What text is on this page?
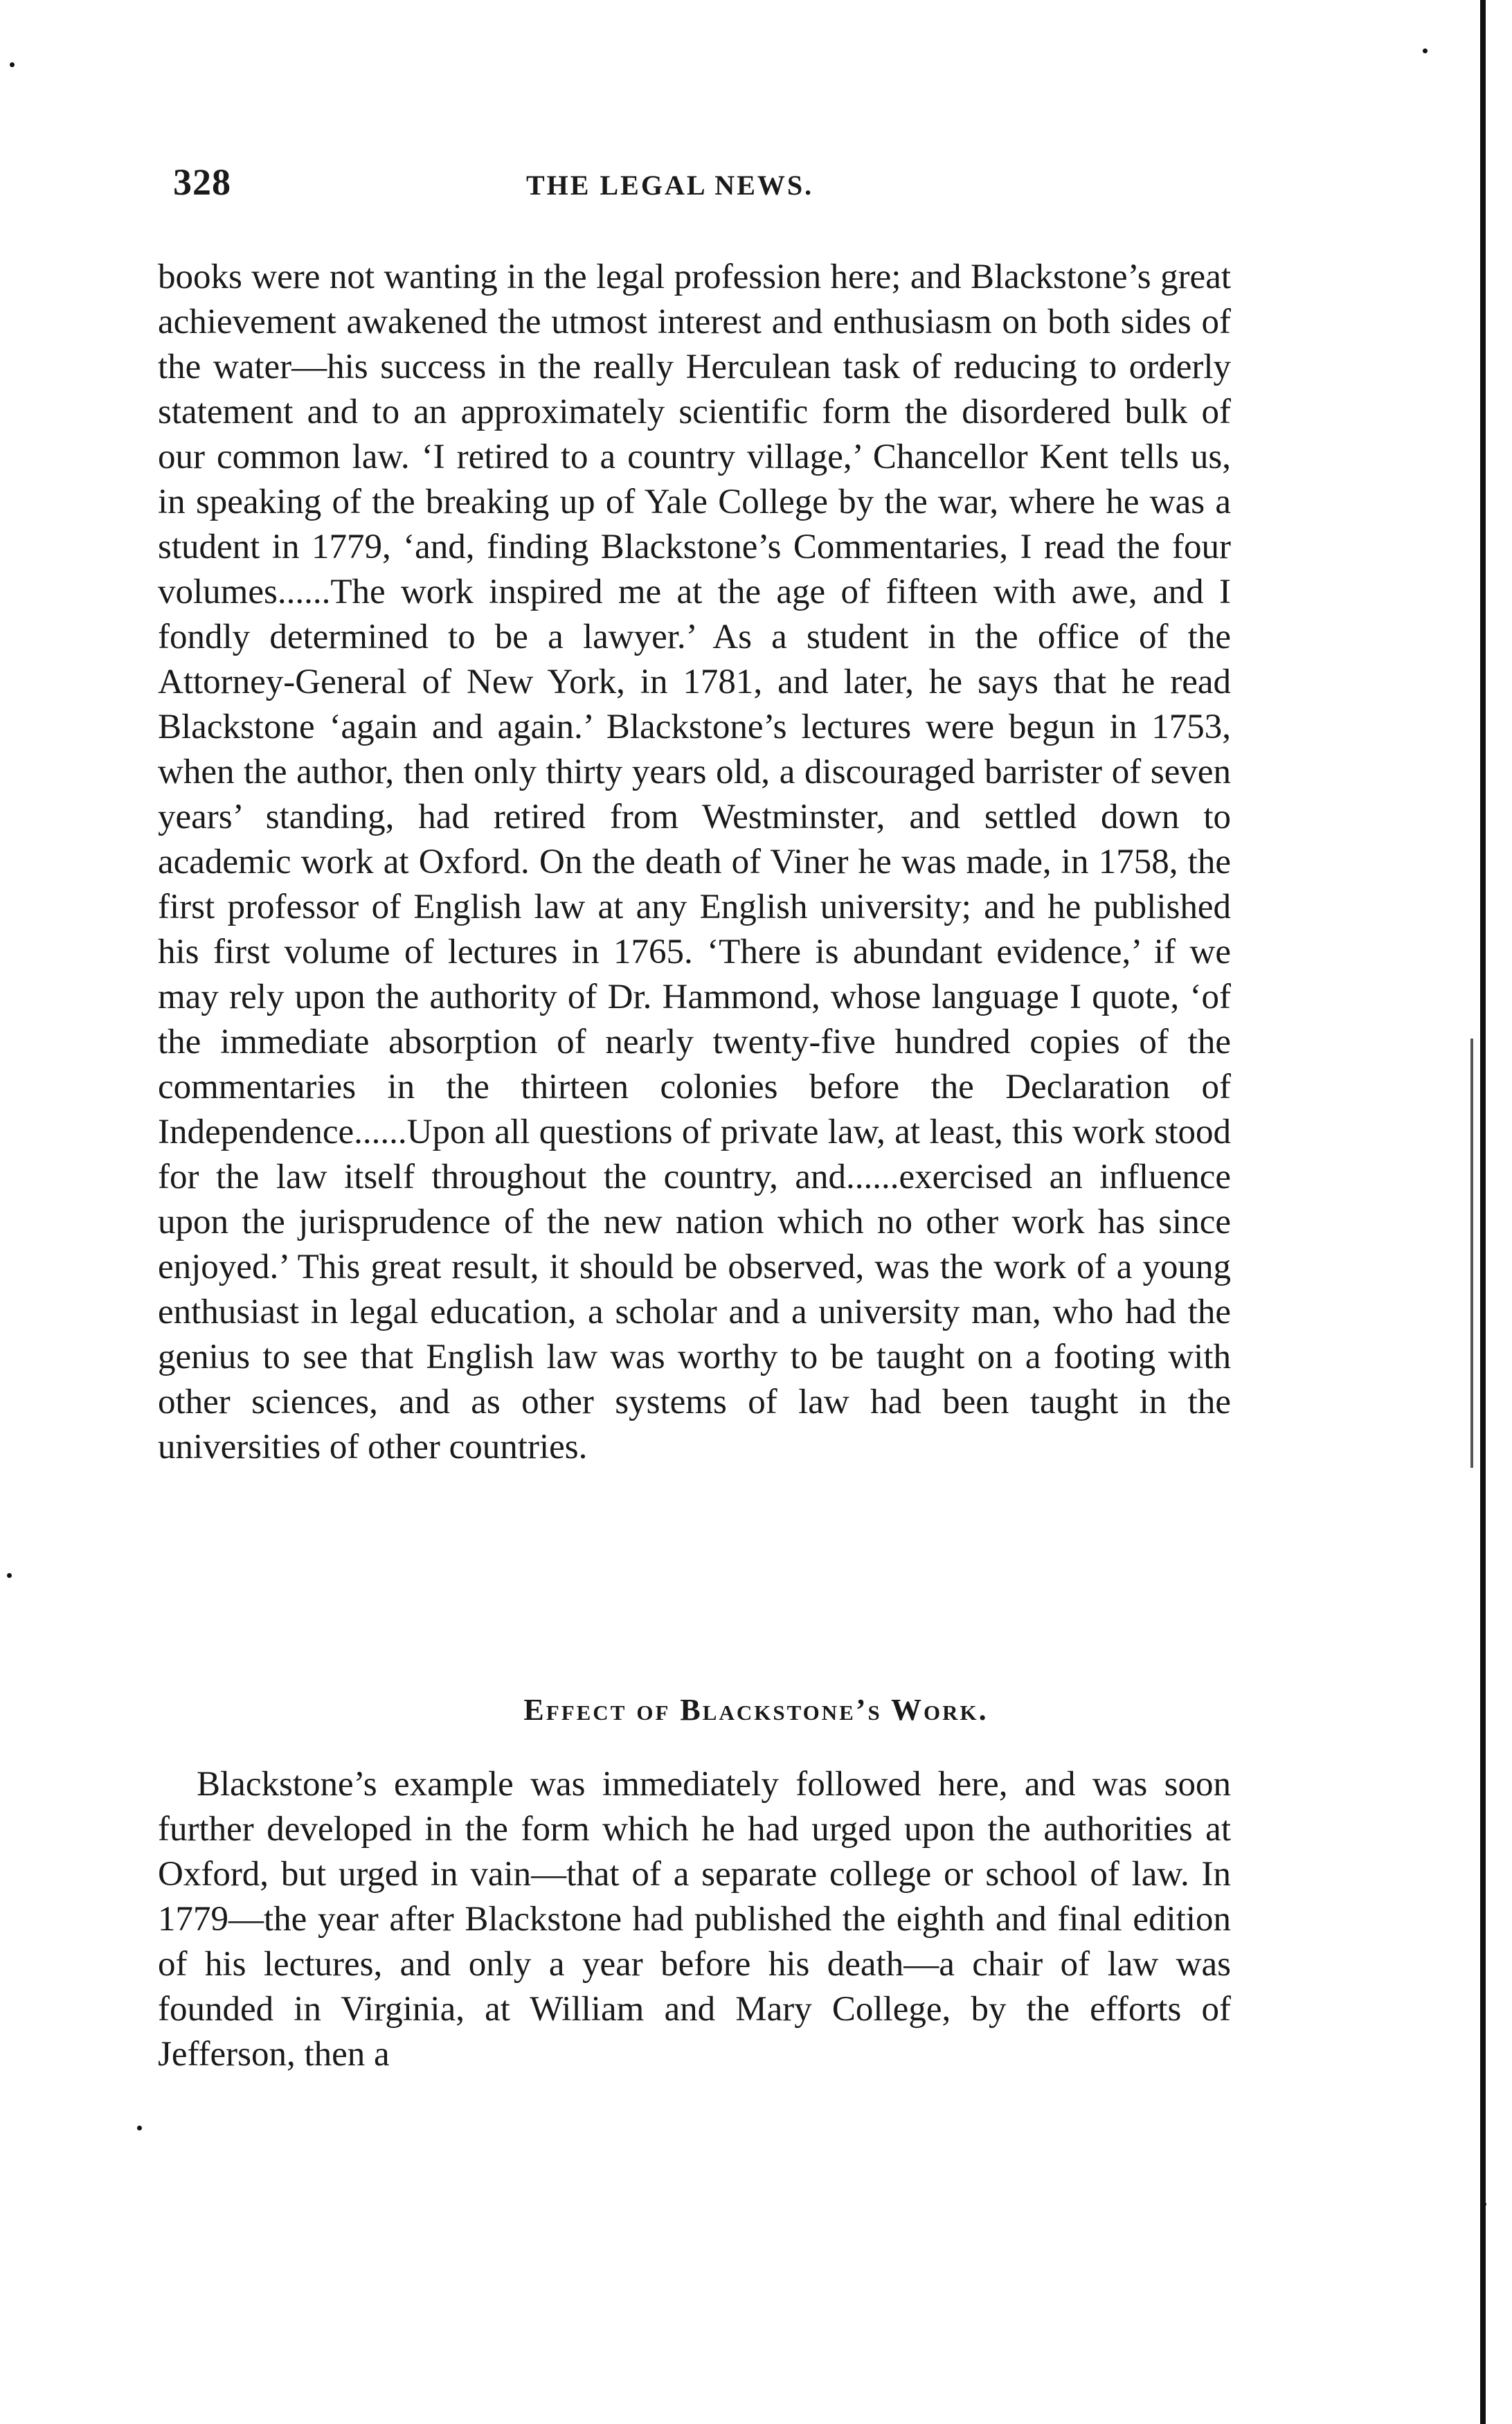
328	THE LEGAL NEWS.

books were not wanting in the legal profession here; and Blackstone’s great achievement awakened the utmost interest and enthusiasm on both sides of the water—his success in the really Herculean task of reducing to orderly statement and to an approximately scientific form the disordered bulk of our common law. ‘I retired to a country village,’ Chancellor Kent tells us, in speaking of the breaking up of Yale College by the war, where he was a student in 1779, ‘and, finding Blackstone’s Commentaries, I read the four volumes......The work inspired me at the age of fifteen with awe, and I fondly determined to be a lawyer.’ As a student in the office of the Attorney-General of New York, in 1781, and later, he says that he read Blackstone ‘again and again.’ Blackstone’s lectures were begun in 1753, when the author, then only thirty years old, a discouraged barrister of seven years’ standing, had retired from Westminster, and settled down to academic work at Oxford. On the death of Viner he was made, in 1758, the first professor of English law at any English university; and he published his first volume of lectures in 1765. ‘There is abundant evidence,’ if we may rely upon the authority of Dr. Hammond, whose language I quote, ‘of the immediate absorption of nearly twenty-five hundred copies of the commentaries in the thirteen colonies before the Declaration of Independence......Upon all questions of private law, at least, this work stood for the law itself throughout the country, and......exercised an influence upon the jurisprudence of the new nation which no other work has since enjoyed.’ This great result, it should be observed, was the work of a young enthusiast in legal education, a scholar and a university man, who had the genius to see that English law was worthy to be taught on a footing with other sciences, and as other systems of law had been taught in the universities of other countries.

Effect of Blackstone’s Work.

Blackstone’s example was immediately followed here, and was soon further developed in the form which he had urged upon the authorities at Oxford, but urged in vain—that of a separate college or school of law. In 1779—the year after Blackstone had published the eighth and final edition of his lectures, and only a year before his death—a chair of law was founded in Virginia, at William and Mary College, by the efforts of Jefferson, then a
